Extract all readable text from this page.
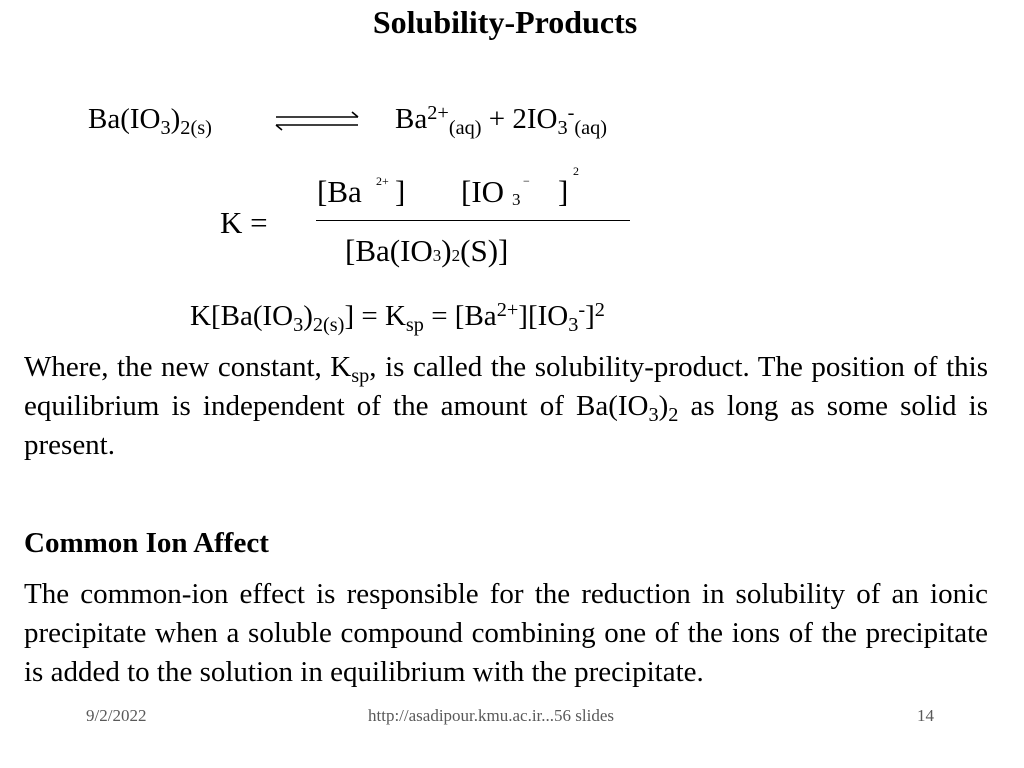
Solubility-Products
$Ba(IO_3)_{2(s)}$	$Ba^{2+}_{(aq)} + 2IO_3^-_{(aq)}$
K =
[Ba 2+ ] [IO 3
− ]
2
[Ba(IO3)2(S)]
$K[Ba(IO_3)_{2(s)}] = K_{sp} = [Ba^{2+}][IO_3^-]^2$
Where, the new constant, $K_{sp}$, is called the solubility-product. The position of this equilibrium is independent of the amount of $Ba(IO_3)_2$ as long as some solid is present.
Common Ion Affect
The common-ion effect is responsible for the reduction in solubility of an ionic precipitate when a soluble compound combining one of the ions of the precipitate is added to the solution in equilibrium with the precipitate.
9/2/2022	http://asadipour.kmu.ac.ir...56 slides	14
